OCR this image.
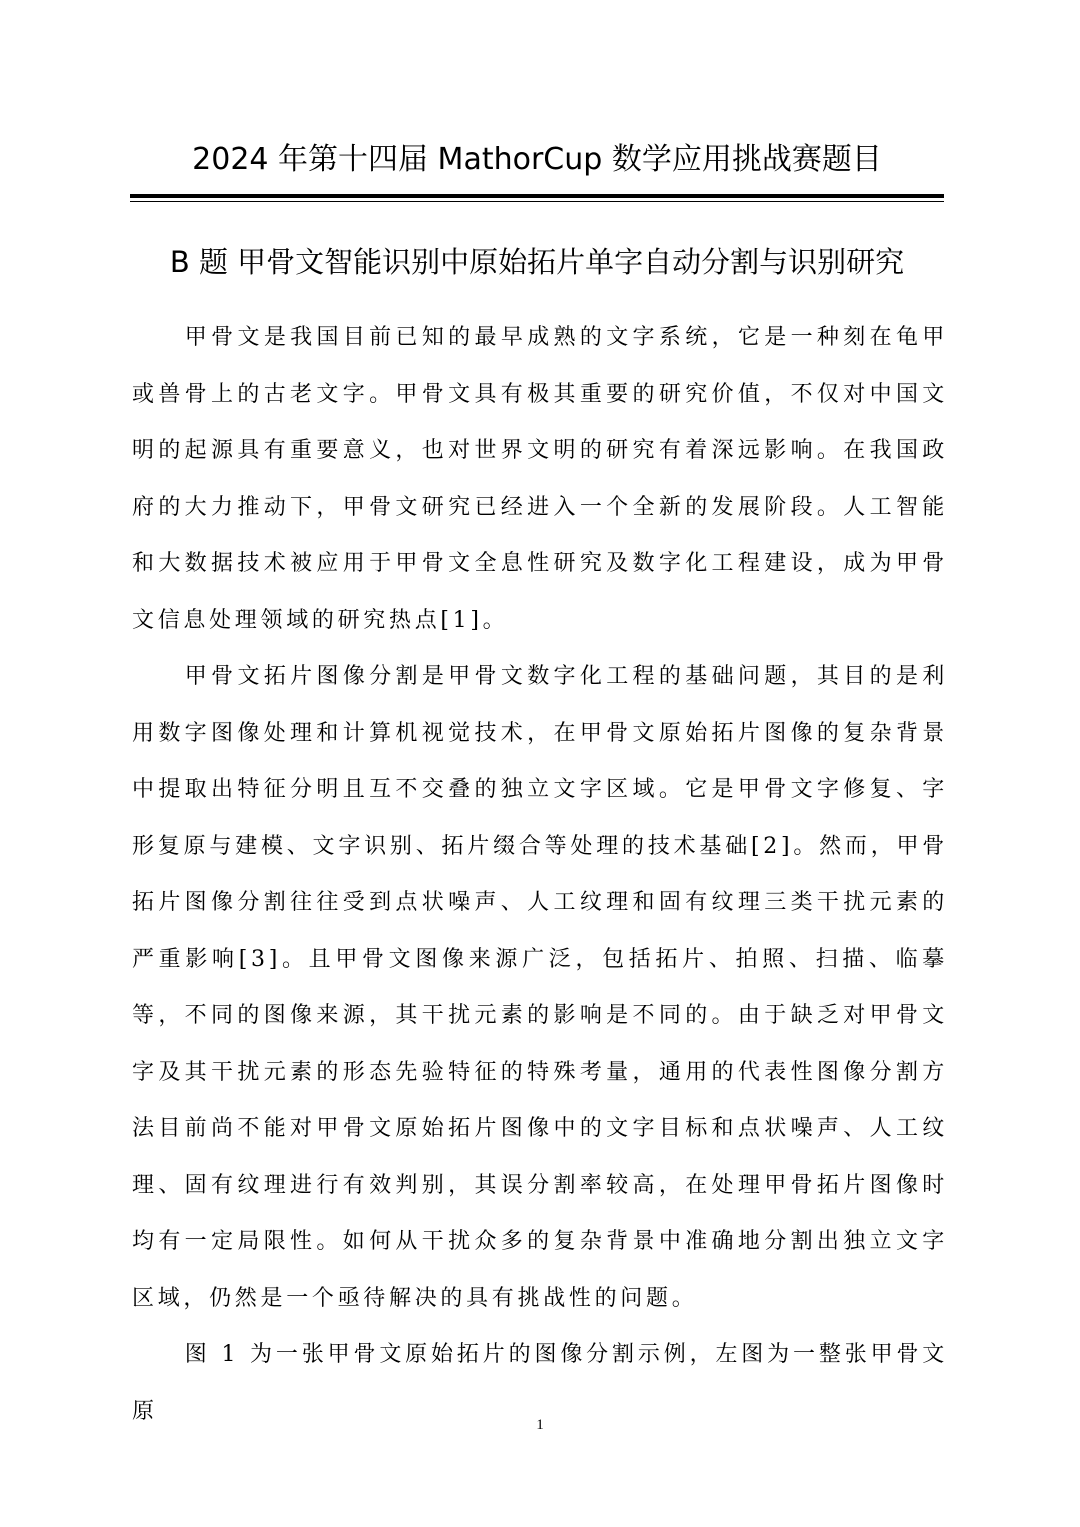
2024 年第十四届 MathorCup 数学应用挑战赛题目
B 题 甲骨文智能识别中原始拓片单字自动分割与识别研究

甲骨文是我国目前已知的最早成熟的文字系统，它是一种刻在龟甲或兽骨上的古老文字。甲骨文具有极其重要的研究价值，不仅对中国文明的起源具有重要意义，也对世界文明的研究有着深远影响。在我国政府的大力推动下，甲骨文研究已经进入一个全新的发展阶段。人工智能和大数据技术被应用于甲骨文全息性研究及数字化工程建设，成为甲骨文信息处理领域的研究热点[1]。

甲骨文拓片图像分割是甲骨文数字化工程的基础问题，其目的是利用数字图像处理和计算机视觉技术，在甲骨文原始拓片图像的复杂背景中提取出特征分明且互不交叠的独立文字区域。它是甲骨文字修复、字形复原与建模、文字识别、拓片缀合等处理的技术基础[2]。然而，甲骨拓片图像分割往往受到点状噪声、人工纹理和固有纹理三类干扰元素的严重影响[3]。且甲骨文图像来源广泛，包括拓片、拍照、扫描、临摹等，不同的图像来源，其干扰元素的影响是不同的。由于缺乏对甲骨文字及其干扰元素的形态先验特征的特殊考量，通用的代表性图像分割方法目前尚不能对甲骨文原始拓片图像中的文字目标和点状噪声、人工纹理、固有纹理进行有效判别，其误分割率较高，在处理甲骨拓片图像时均有一定局限性。如何从干扰众多的复杂背景中准确地分割出独立文字区域，仍然是一个亟待解决的具有挑战性的问题。

图 1 为一张甲骨文原始拓片的图像分割示例，左图为一整张甲骨文原

1
